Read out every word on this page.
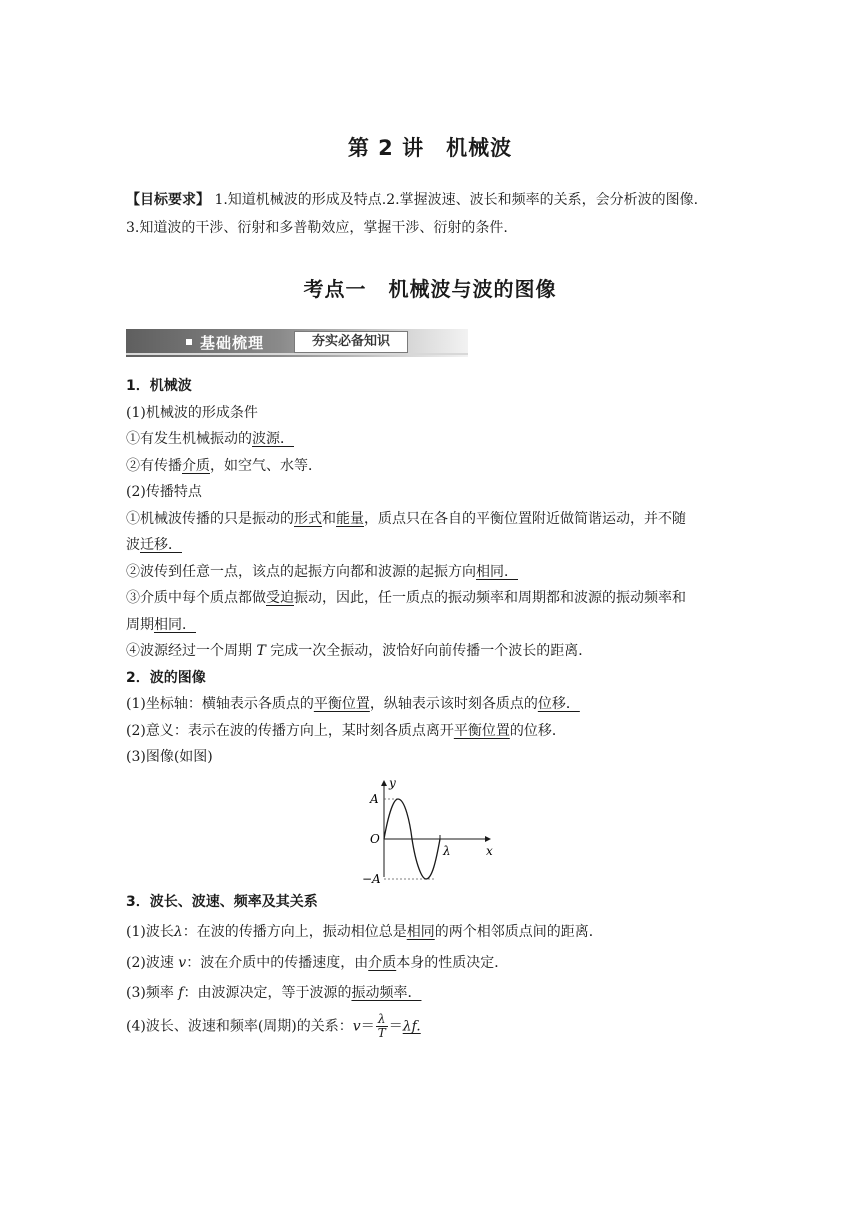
第 2 讲 机械波
【目标要求】 1.知道机械波的形成及特点.2.掌握波速、波长和频率的关系，会分析波的图像.
3.知道波的干涉、衍射和多普勒效应，掌握干涉、衍射的条件.
考点一 机械波与波的图像
基础梳理	夯实必备知识

1．机械波

(1)机械波的形成条件

①有发生机械振动的波源．

②有传播介质，如空气、水等．

(2)传播特点

①机械波传播的只是振动的形式和能量，质点只在各自的平衡位置附近做简谐运动，并不随
波迁移．

②波传到任意一点，该点的起振方向都和波源的起振方向相同．

③介质中每个质点都做受迫振动，因此，任一质点的振动频率和周期都和波源的振动频率和
周期相同．

④波源经过一个周期 T 完成一次全振动，波恰好向前传播一个波长的距离．

2．波的图像

(1)坐标轴：横轴表示各质点的平衡位置，纵轴表示该时刻各质点的位移．

(2)意义：表示在波的传播方向上，某时刻各质点离开平衡位置的位移．

(3)图像(如图)

y
x
A
−A
O
λ

3．波长、波速、频率及其关系

(1)波长λ：在波的传播方向上，振动相位总是相同的两个相邻质点间的距离．

(2)波速 v：波在介质中的传播速度，由介质本身的性质决定．

(3)频率 f：由波源决定，等于波源的振动频率．

(4)波长、波速和频率(周期)的关系：$v= \frac{\lambda}{T} =\lambda f$.
